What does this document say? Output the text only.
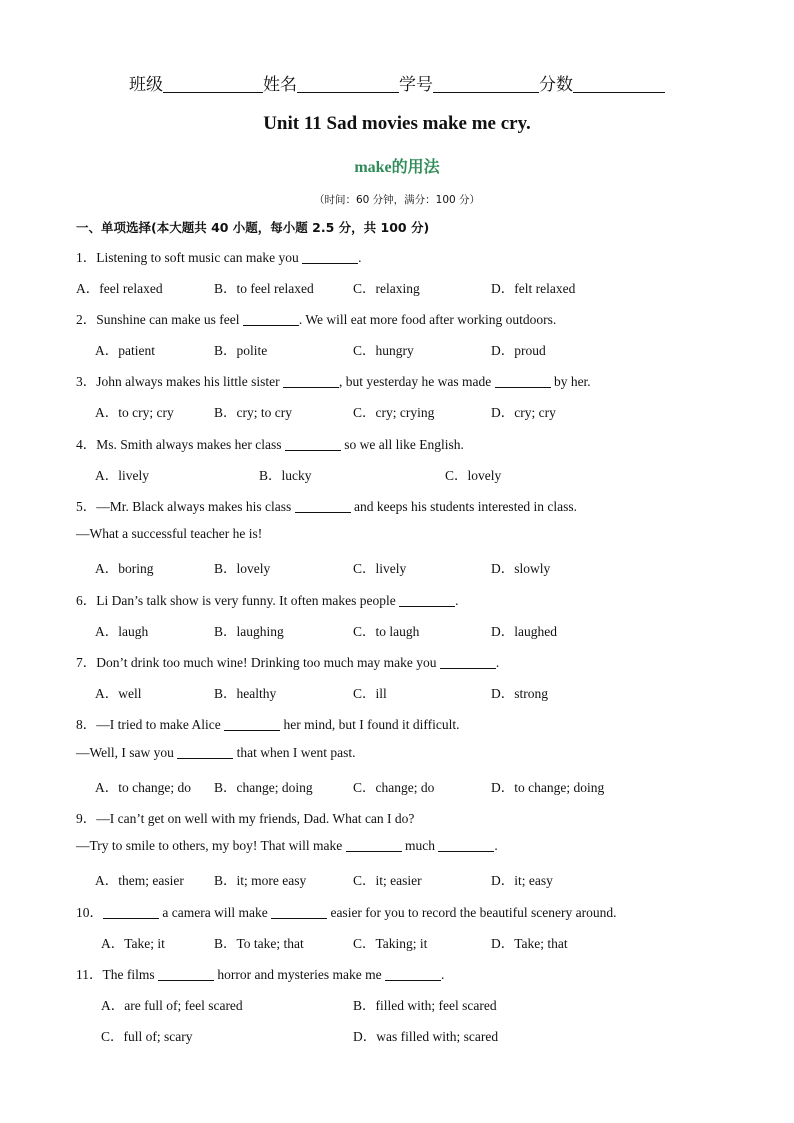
班级	姓名	学号	分数
Unit 11 Sad movies make me cry.
make的用法
（时间：60 分钟，满分：100 分）
一、单项选择(本大题共 40 小题，每小题 2.5 分，共 100 分)
1．Listening to soft music can make you	.
A．feel relaxed	B．to feel relaxed	C．relaxing	D．felt relaxed
2．Sunshine can make us feel	. We will eat more food after working outdoors.
A．patient	B．polite	C．hungry	D．proud
3．John always makes his little sister	, but yesterday he was made	by her.
A．to cry; cry	B．cry; to cry	C．cry; crying	D．cry; cry
4．Ms. Smith always makes her class	so we all like English.
A．lively	B．lucky	C．lovely
5．—Mr. Black always makes his class	and keeps his students interested in class.
—What a successful teacher he is!
A．boring	B．lovely	C．lively	D．slowly
6．Li Dan’s talk show is very funny. It often makes people	.
A．laugh	B．laughing	C．to laugh	D．laughed
7．Don’t drink too much wine! Drinking too much may make you	.
A．well	B．healthy	C．ill	D．strong
8．—I tried to make Alice	her mind, but I found it difficult.
—Well, I saw you	that when I went past.
A．to change; do B．change; doing	C．change; do	D．to change; doing
9．—I can’t get on well with my friends, Dad. What can I do?
—Try to smile to others, my boy! That will make	much	.
A．them; easier B．it; more easy	C．it; easier	D．it; easy
10．	a camera will make	easier for you to record the beautiful scenery around.
A．Take; it	B．To take; that	C．Taking; it	D．Take; that
11．The films	horror and mysteries make me	.
A．are full of; feel scared	B．filled with; feel scared
C．full of; scary	D．was filled with; scared
